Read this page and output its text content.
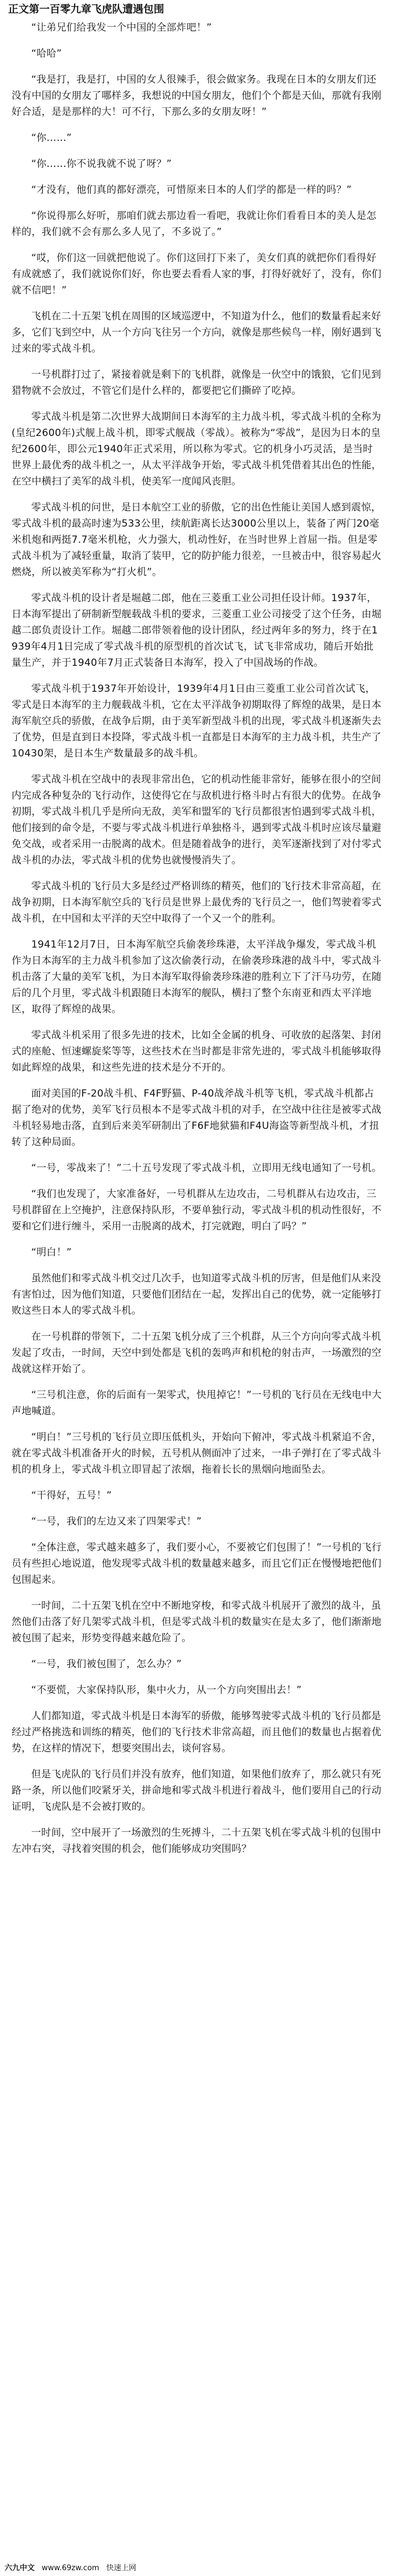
正文第一百零九章飞虎队遭遇包围

“让弟兄们给我发一个中国的全部炸吧！”

“哈哈”

“我是打，我是打，中国的女人很辣手，很会做家务。我现在日本的女朋友们还没有中国的女朋友了哪样多，我想说的中国女朋友，他们个个都是天仙，那就有我刚好合适，是是那样的大！可不行，下那么多的女朋友呀！”

“你……”

“你……你不说我就不说了呀？”

“才没有，他们真的都好漂亮，可惜原来日本的人们学的都是一样的吗？”

“你说得那么好听，那咱们就去那边看一看吧，我就让你们看看日本的美人是怎样的，我们就不会有那么多人见了，不多说了。”

“哎，你们这一回就把他说了。你们这回打下来了，美女们真的就把你们看得好有成就感了，我们就说你们好，你也要去看看人家的事，打得好就好了，没有，你们就不信吧！”

飞机在二十五架飞机在周围的区域巡逻中，不知道为什么，他们的数量看起来好多，它们飞到空中，从一个方向飞往另一个方向，就像是那些候鸟一样，刚好遇到飞过来的零式战斗机。

一号机群打过了，紧接着就是剩下的飞机群，就像是一伙空中的饿狼，它们见到猎物就不会放过，不管它们是什么样的，都要把它们撕碎了吃掉。

零式战斗机是第二次世界大战期间日本海军的主力战斗机，零式战斗机的全称为(皇纪2600年)式舰上战斗机，即零式舰战（零战）。被称为“零战”，是因为日本的皇纪2600年，即公元1940年正式采用，所以称为零式。它的机身小巧灵活，是当时世界上最优秀的战斗机之一，从太平洋战争开始，零式战斗机凭借着其出色的性能，在空中横扫了美军的战斗机，使美军一度闻风丧胆。

零式战斗机的问世，是日本航空工业的骄傲，它的出色性能让美国人感到震惊，零式战斗机的最高时速为533公里，续航距离长达3000公里以上，装备了两门20毫米机炮和两挺7.7毫米机枪，火力强大，机动性好，在当时世界上首屈一指。但是零式战斗机为了减轻重量，取消了装甲，它的防护能力很差，一旦被击中，很容易起火燃烧，所以被美军称为“打火机”。

零式战斗机的设计者是堀越二郎，他在三菱重工业公司担任设计师。1937年，日本海军提出了研制新型舰载战斗机的要求，三菱重工业公司接受了这个任务，由堀越二郎负责设计工作。堀越二郎带领着他的设计团队，经过两年多的努力，终于在1939年4月1日完成了零式战斗机的原型机的首次试飞，试飞非常成功，随后开始批量生产，并于1940年7月正式装备日本海军，投入了中国战场的作战。

零式战斗机于1937年开始设计，1939年4月1日由三菱重工业公司首次试飞，零式是日本海军的主力舰载战斗机，它在太平洋战争初期取得了辉煌的战果，是日本海军航空兵的骄傲，在战争后期，由于美军新型战斗机的出现，零式战斗机逐渐失去了优势，但是直到日本投降，零式战斗机一直都是日本海军的主力战斗机，共生产了10430架，是日本生产数量最多的战斗机。

零式战斗机在空战中的表现非常出色，它的机动性能非常好，能够在很小的空间内完成各种复杂的飞行动作，这使得它在与敌机进行格斗时占有很大的优势。在战争初期，零式战斗机几乎是所向无敌，美军和盟军的飞行员都很害怕遇到零式战斗机，他们接到的命令是，不要与零式战斗机进行单独格斗，遇到零式战斗机时应该尽量避免交战，或者采用一击脱离的战术。但是随着战争的进行，美军逐渐找到了对付零式战斗机的办法，零式战斗机的优势也就慢慢消失了。

零式战斗机的飞行员大多是经过严格训练的精英，他们的飞行技术非常高超，在战争初期，日本海军航空兵的飞行员是世界上最优秀的飞行员之一，他们驾驶着零式战斗机，在中国和太平洋的天空中取得了一个又一个的胜利。

1941年12月7日，日本海军航空兵偷袭珍珠港，太平洋战争爆发，零式战斗机作为日本海军的主力战斗机参加了这次偷袭行动，在偷袭珍珠港的战斗中，零式战斗机击落了大量的美军飞机，为日本海军取得偷袭珍珠港的胜利立下了汗马功劳，在随后的几个月里，零式战斗机跟随日本海军的舰队，横扫了整个东南亚和西太平洋地区，取得了辉煌的战果。

零式战斗机采用了很多先进的技术，比如全金属的机身、可收放的起落架、封闭式的座舱、恒速螺旋桨等等，这些技术在当时都是非常先进的，零式战斗机能够取得如此辉煌的战果，和这些先进的技术是分不开的。

面对美国的F-20战斗机、F4F野猫、P-40战斧战斗机等飞机，零式战斗机都占据了绝对的优势，美军飞行员根本不是零式战斗机的对手，在空战中往往是被零式战斗机轻易地击落，直到后来美军研制出了F6F地狱猫和F4U海盗等新型战斗机，才扭转了这种局面。

“一号，零战来了！”二十五号发现了零式战斗机，立即用无线电通知了一号机。

“我们也发现了，大家准备好，一号机群从左边攻击，二号机群从右边攻击，三号机群留在上空掩护，注意保持队形，不要单独行动，零式战斗机的机动性很好，不要和它们进行缠斗，采用一击脱离的战术，打完就跑，明白了吗？”

“明白！”

虽然他们和零式战斗机交过几次手，也知道零式战斗机的厉害，但是他们从来没有害怕过，因为他们知道，只要他们团结在一起，发挥出自己的优势，就一定能够打败这些日本人的零式战斗机。

在一号机群的带领下，二十五架飞机分成了三个机群，从三个方向向零式战斗机发起了攻击，一时间，天空中到处都是飞机的轰鸣声和机枪的射击声，一场激烈的空战就这样开始了。

“三号机注意，你的后面有一架零式，快甩掉它！”一号机的飞行员在无线电中大声地喊道。

“明白！”三号机的飞行员立即压低机头，开始向下俯冲，零式战斗机紧追不舍，就在零式战斗机准备开火的时候，五号机从侧面冲了过来，一串子弹打在了零式战斗机的机身上，零式战斗机立即冒起了浓烟，拖着长长的黑烟向地面坠去。

“干得好，五号！”

“一号，我们的左边又来了四架零式！”

“全体注意，零式越来越多了，我们要小心，不要被它们包围了！”一号机的飞行员有些担心地说道，他发现零式战斗机的数量越来越多，而且它们正在慢慢地把他们包围起来。

一时间，二十五架飞机在空中不断地穿梭，和零式战斗机展开了激烈的战斗，虽然他们击落了好几架零式战斗机，但是零式战斗机的数量实在是太多了，他们渐渐地被包围了起来，形势变得越来越危险了。

“一号，我们被包围了，怎么办？”

“不要慌，大家保持队形，集中火力，从一个方向突围出去！”

人们都知道，零式战斗机是日本海军的骄傲，能够驾驶零式战斗机的飞行员都是经过严格挑选和训练的精英，他们的飞行技术非常高超，而且他们的数量也占据着优势，在这样的情况下，想要突围出去，谈何容易。

但是飞虎队的飞行员们并没有放弃，他们知道，如果他们放弃了，那么就只有死路一条，所以他们咬紧牙关，拼命地和零式战斗机进行着战斗，他们要用自己的行动证明，飞虎队是不会被打败的。

一时间，空中展开了一场激烈的生死搏斗，二十五架飞机在零式战斗机的包围中左冲右突，寻找着突围的机会，他们能够成功突围吗？

六九中文 www.69zw.com 快速上网
